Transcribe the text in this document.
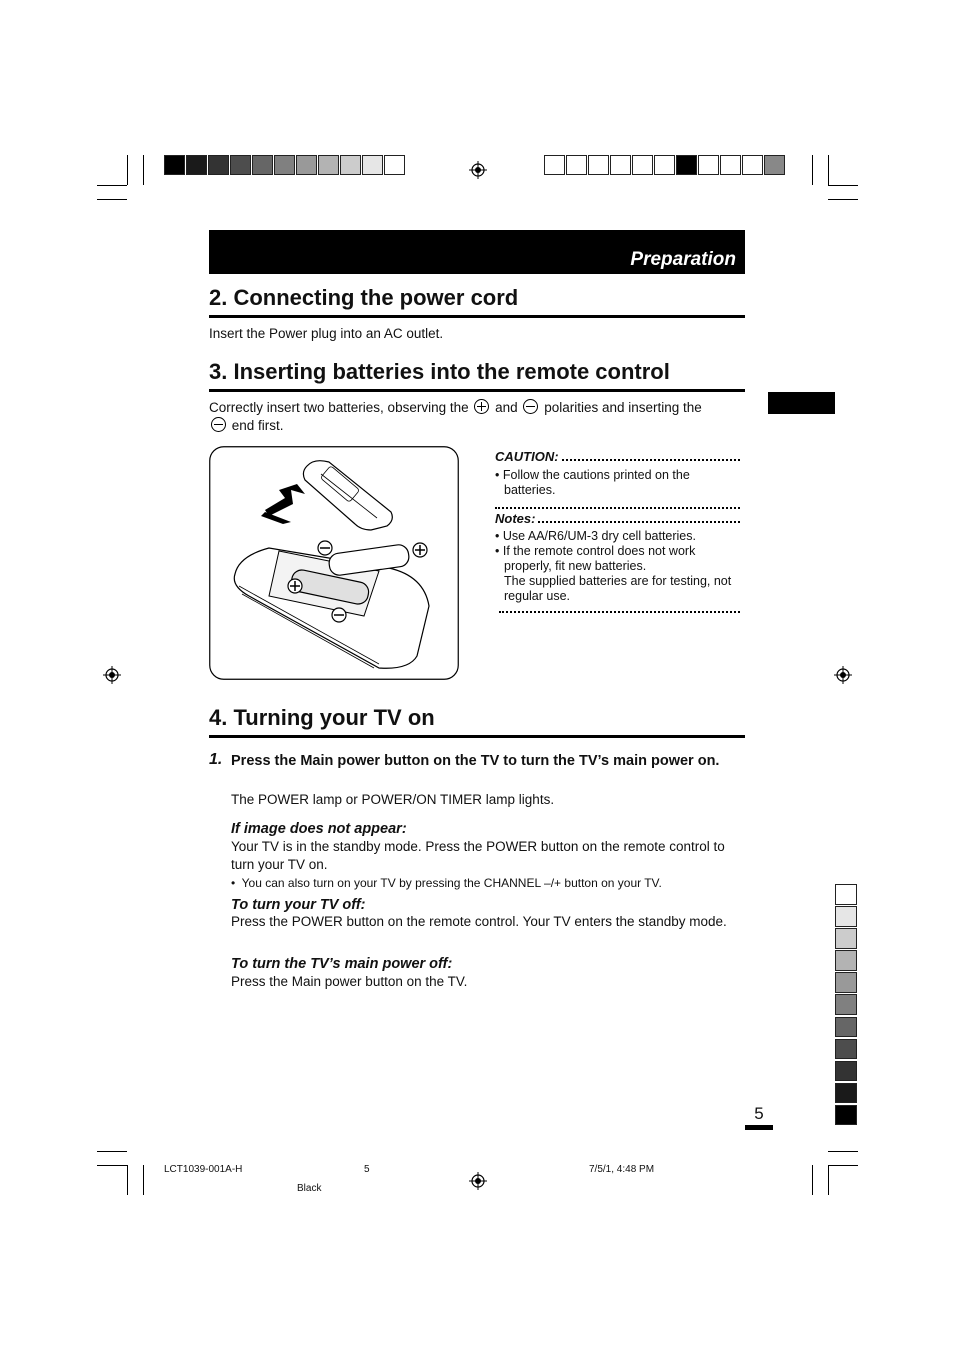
Preparation
2. Connecting the power cord
Insert the Power plug into an AC outlet.
3. Inserting batteries into the remote control
Correctly insert two batteries, observing the and polarities and inserting the
end first.
CAUTION:
• Follow the cautions printed on the batteries.
Notes:
• Use AA/R6/UM-3 dry cell batteries.
• If the remote control does not work properly, fit new batteries.
The supplied batteries are for testing, not regular use.
4. Turning your TV on
1. Press the Main power button on the TV to turn the TV’s main power on.
The POWER lamp or POWER/ON TIMER lamp lights.
If image does not appear:
Your TV is in the standby mode. Press the POWER button on the remote control to turn your TV on.
•  You can also turn on your TV by pressing the CHANNEL –/+ button on your TV.
To turn your TV off:
Press the POWER button on the remote control. Your TV enters the standby mode.
To turn the TV’s main power off:
Press the Main power button on the TV.
5
LCT1039-001A-H	5	7/5/1, 4:48 PM
Black
